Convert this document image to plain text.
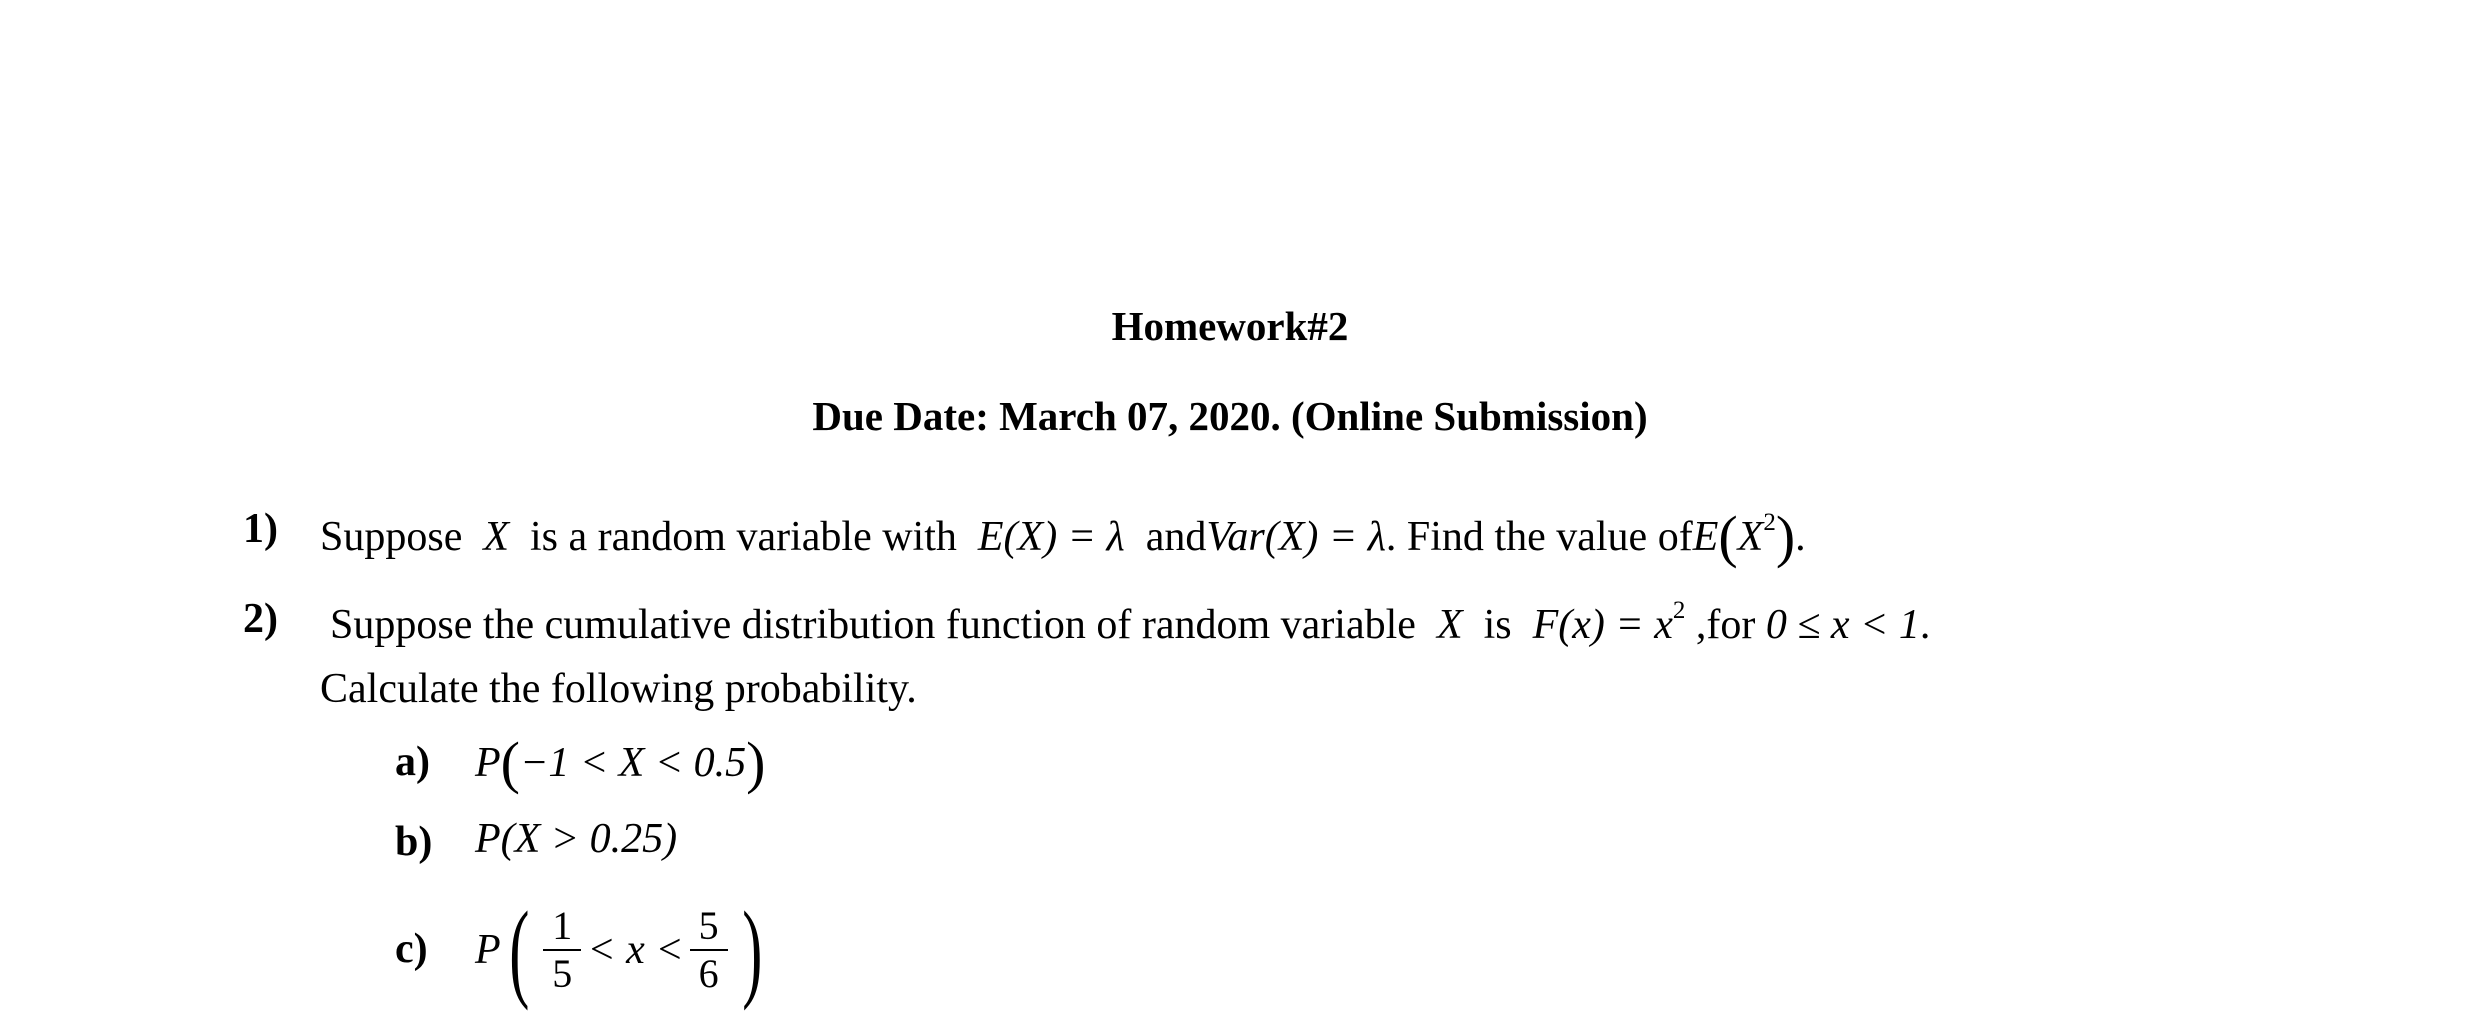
Homework#2
Due Date: March 07, 2020. (Online Submission)
1) Suppose X is a random variable with E(X) = λ andVar(X) = λ. Find the value $ofE(X^2)$.
2) Suppose the cumulative distribution function of random variable X is $F(x) = x^2$ ,for 0 ≤ x < 1.
Calculate the following probability.
a) P(−1 < X < 0.5)
b) P(X > 0.25)
c) P ( $\frac{1}{5} < x < \frac{5}{6}$ )
